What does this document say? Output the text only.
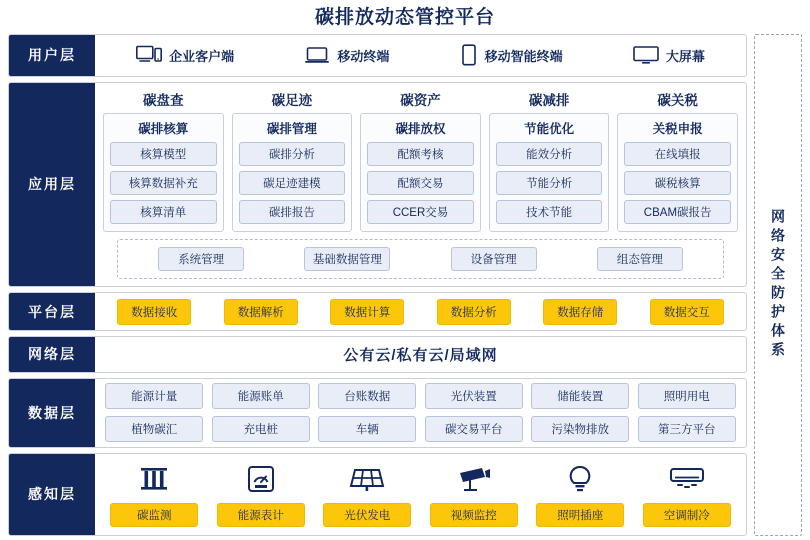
碳排放动态管控平台
用户层	企业客户端	移动终端	移动智能终端	大屏幕
应用层
碳盘查
碳排核算
核算模型
核算数据补充
核算清单
碳足迹
碳排管理
碳排分析
碳足迹建模
碳排报告
碳资产
碳排放权
配额考核
配额交易
CCER交易
碳减排
节能优化
能效分析
节能分析
技术节能
碳关税
关税申报
在线填报
碳税核算
CBAM碳报告
系统管理	基础数据管理	设备管理	组态管理
平台层	数据接收	数据解析	数据计算	数据分析	数据存储	数据交互
网络层	公有云/私有云/局域网
数据层
能源计量	能源账单	台账数据	光伏装置	储能装置	照明用电
植物碳汇	充电桩	车辆	碳交易平台	污染物排放	第三方平台
感知层
碳监测	能源表计	光伏发电	视频监控	照明插座	空调制冷
网络安全防护体系
